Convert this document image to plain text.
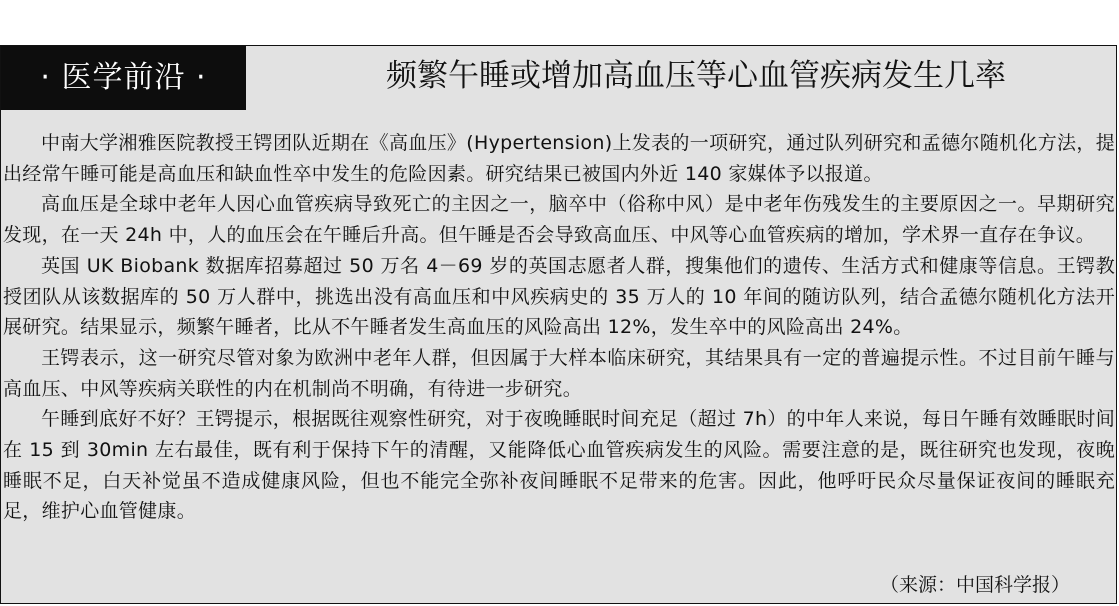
· 医学前沿 ·	频繁午睡或增加高血压等心血管疾病发生几率

中南大学湘雅医院教授王锷团队近期在《高血压》(Hypertension)上发表的一项研究，通过队列研究和孟德尔随机化方法，提出经常午睡可能是高血压和缺血性卒中发生的危险因素。研究结果已被国内外近 140 家媒体予以报道。

高血压是全球中老年人因心血管疾病导致死亡的主因之一，脑卒中（俗称中风）是中老年伤残发生的主要原因之一。早期研究发现，在一天 24h 中，人的血压会在午睡后升高。但午睡是否会导致高血压、中风等心血管疾病的增加，学术界一直存在争议。

英国 UK Biobank 数据库招募超过 50 万名 4－69 岁的英国志愿者人群，搜集他们的遗传、生活方式和健康等信息。王锷教授团队从该数据库的 50 万人群中，挑选出没有高血压和中风疾病史的 35 万人的 10 年间的随访队列，结合孟德尔随机化方法开展研究。结果显示，频繁午睡者，比从不午睡者发生高血压的风险高出 12%，发生卒中的风险高出 24%。

王锷表示，这一研究尽管对象为欧洲中老年人群，但因属于大样本临床研究，其结果具有一定的普遍提示性。不过目前午睡与高血压、中风等疾病关联性的内在机制尚不明确，有待进一步研究。

午睡到底好不好？王锷提示，根据既往观察性研究，对于夜晚睡眠时间充足（超过 7h）的中年人来说，每日午睡有效睡眠时间在 15 到 30min 左右最佳，既有利于保持下午的清醒，又能降低心血管疾病发生的风险。需要注意的是，既往研究也发现，夜晚睡眠不足，白天补觉虽不造成健康风险，但也不能完全弥补夜间睡眠不足带来的危害。因此，他呼吁民众尽量保证夜间的睡眠充足，维护心血管健康。

（来源：中国科学报）
